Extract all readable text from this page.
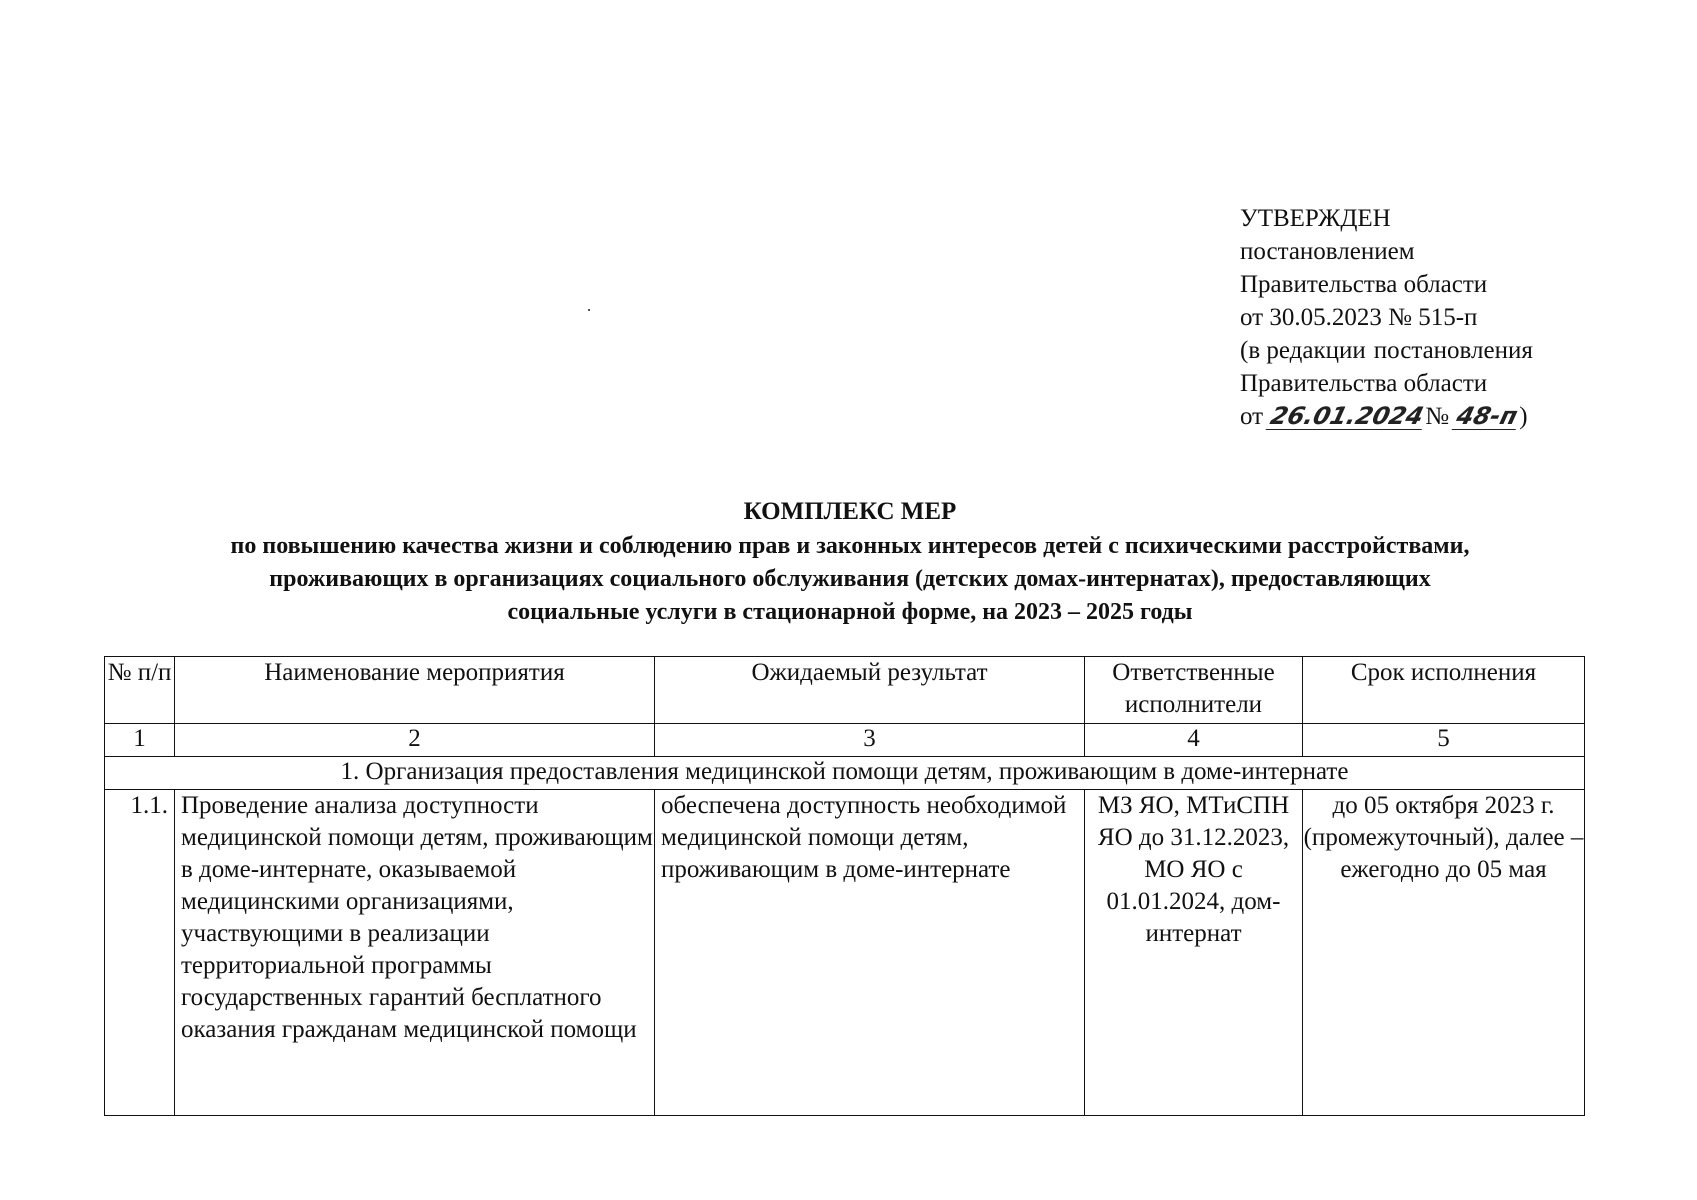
УТВЕРЖДЕН
постановлением
Правительства области
от 30.05.2023 № 515-п
(в редакции постановления
Правительства области
от 26.01.2024№ 48-п)
КОМПЛЕКС МЕР
по повышению качества жизни и соблюдению прав и законных интересов детей с психическими расстройствами,
проживающих в организациях социального обслуживания (детских домах-интернатах), предоставляющих
социальные услуги в стационарной форме, на 2023 – 2025 годы
№ п/п	Наименование мероприятия	Ожидаемый результат	Ответственные исполнители	Срок исполнения
1	2	3	4	5
1. Организация предоставления медицинской помощи детям, проживающим в доме-интернате				
1.1.	Проведение анализа доступности медицинской помощи детям, проживающим в доме-интернате, оказываемой медицинскими организациями, участвующими в реализации территориальной программы государственных гарантий бесплатного оказания гражданам медицинской помощи	обеспечена доступность необходимой медицинской помощи детям, проживающим в доме-интернате	МЗ ЯО, МТиСПН ЯО до 31.12.2023, МО ЯО с 01.01.2024, дом-интернат	до 05 октября 2023 г. (промежуточный), далее – ежегодно до 05 мая
